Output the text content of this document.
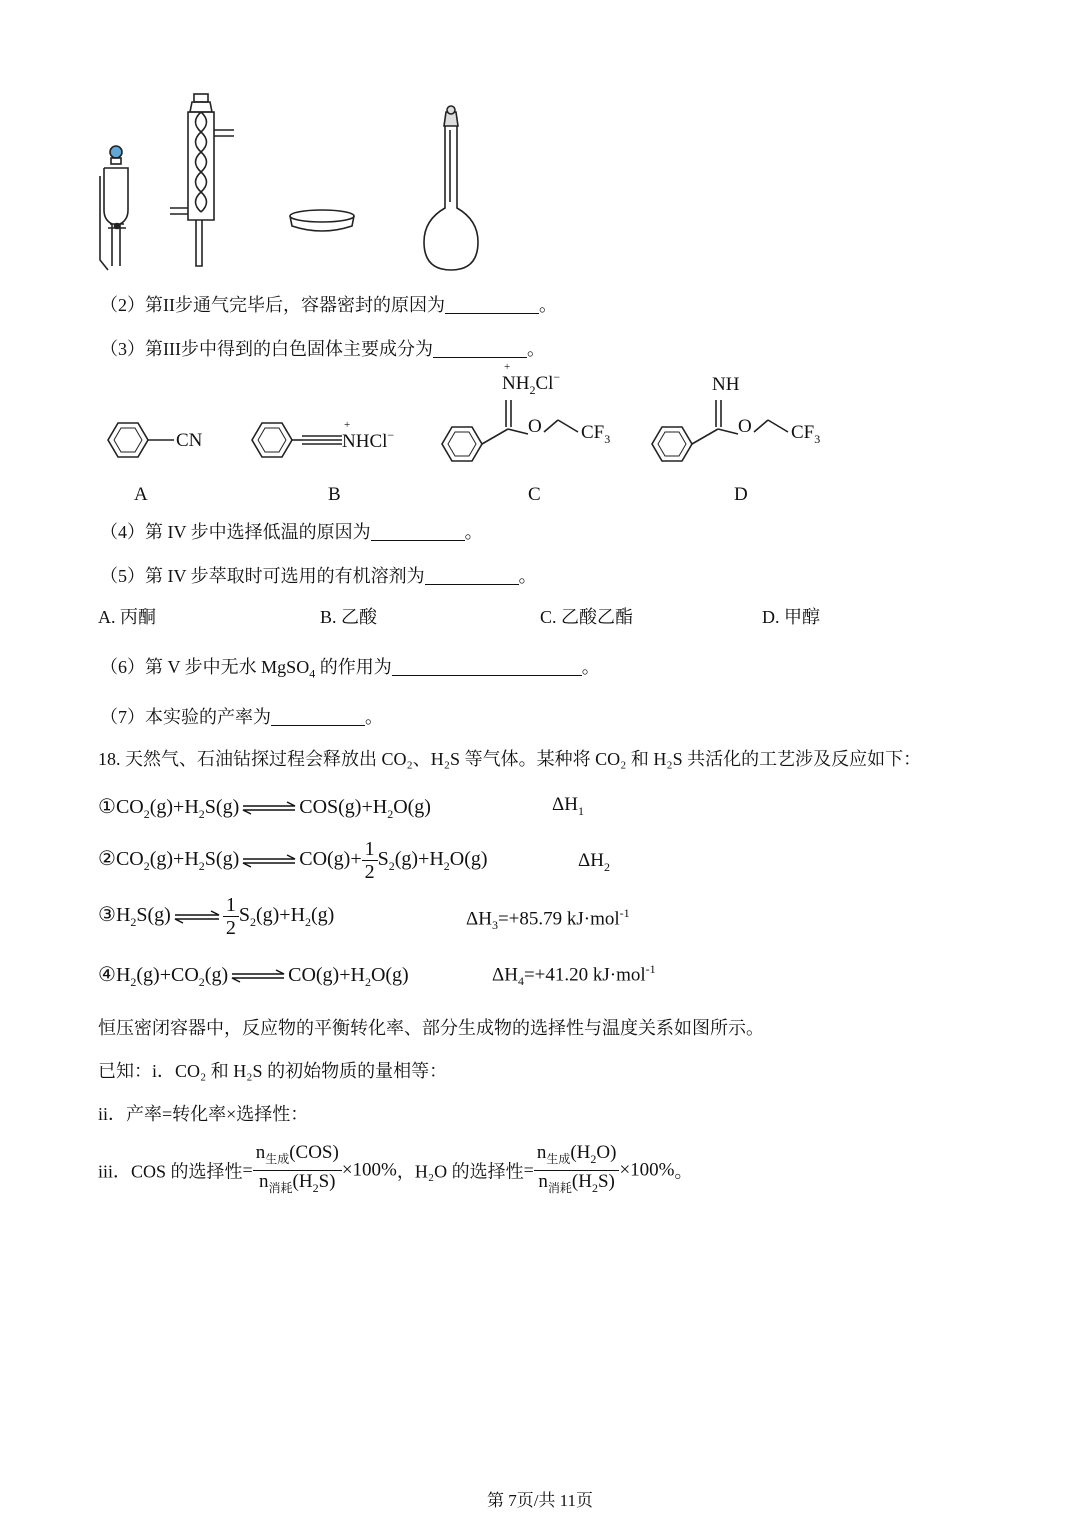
（2）第II步通气完毕后，容器密封的原因为	。
（3）第III步中得到的白色固体主要成分为	。
CN
+
NHCl−
+
$NH_2Cl^-$
O $CF_3$
NH
O $CF_3$
A	B	C	D
（4）第 IV 步中选择低温的原因为	。
（5）第 IV 步萃取时可选用的有机溶剂为	。
A. 丙酮	B. 乙酸	C. 乙酸乙酯	D. 甲醇
（6）第 V 步中无水 MgSO$_4$ 的作用为	。
（7）本实验的产率为	。
18. 天然气、石油钻探过程会释放出 CO₂、H₂S 等气体。某种将 CO₂ 和 H₂S 共活化的工艺涉及反应如下：
$①CO_2(g)+H_2S(g)$	$COS(g)+H_2O(g)$	$\Delta H_1$
$②CO_2(g)+H_2S(g)$	$CO(g)+ \frac{1}{2} S_2(g)+H_2O(g)$	$\Delta H_2$
$③H_2S(g)$	$\frac{1}{2} S_2(g)+H_2(g)$	$\Delta H_3=+85.79$ kJ·mol$^{-1}$
$④H_2(g)+CO_2(g)$	$CO(g)+H_2O(g)$	$\Delta H_4=+41.20$ kJ·mol$^{-1}$
恒压密闭容器中，反应物的平衡转化率、部分生成物的选择性与温度关系如图所示。
已知：i．CO₂ 和 H₂S 的初始物质的量相等：
ii．产率=转化率×选择性：
iii．COS 的选择性= $\frac{n_{生成}(COS)}{n_{消耗}(H_2S)} \times 100\%$，H₂O 的选择性= $\frac{n_{生成}(H_2O)}{n_{消耗}(H_2S)} \times 100\%$。
第 7页/共 11页
